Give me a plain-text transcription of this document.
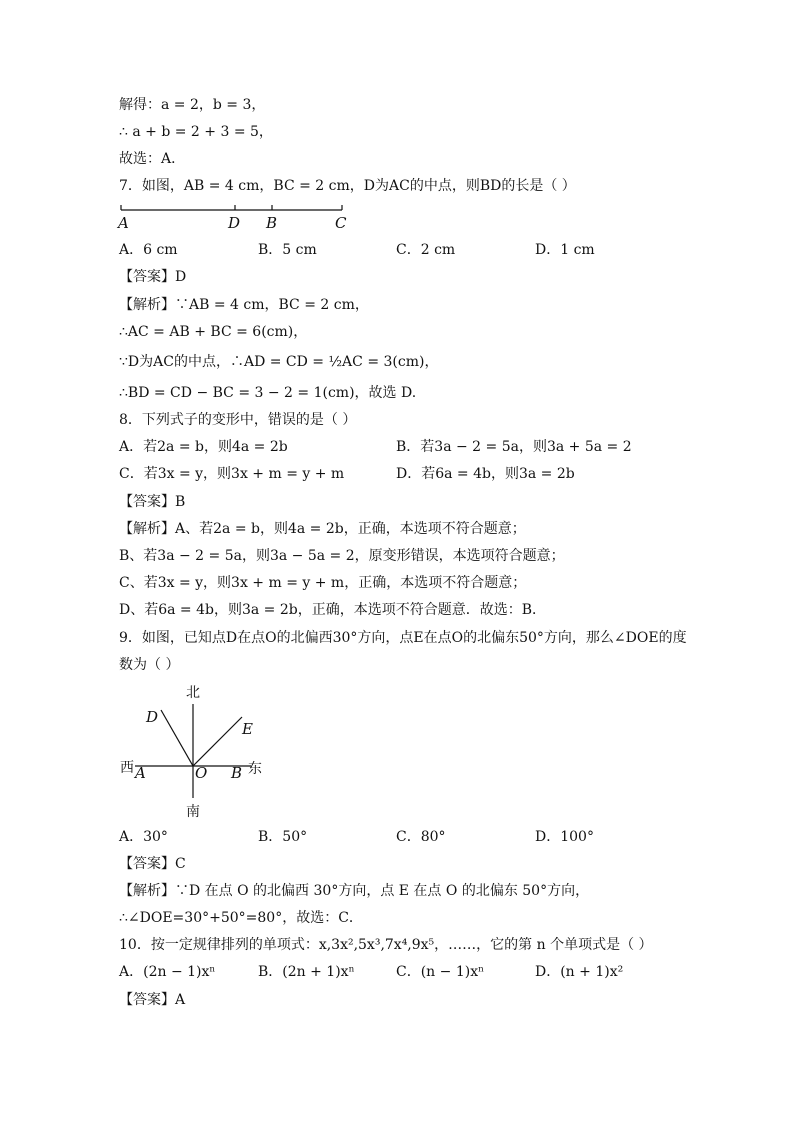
解得：a = 2，b = 3，
∴ a + b = 2 + 3 = 5，
故选：A．
7．如图，AB = 4 cm，BC = 2 cm，D为AC的中点，则BD的长是（ ）
A	D B	C
A．6 cm	B．5 cm	C．2 cm	D．1 cm
【答案】D
【解析】∵AB = 4 cm，BC = 2 cm，
∴AC = AB + BC = 6(cm)，
∵D为AC的中点，∴AD = CD = ½AC = 3(cm)，
∴BD = CD − BC = 3 − 2 = 1(cm)，故选 D.
8．下列式子的变形中，错误的是（ ）
A．若2a = b，则4a = 2b	B．若3a − 2 = 5a，则3a + 5a = 2
C．若3x = y，则3x + m = y + m	D．若6a = 4b，则3a = 2b
【答案】B
【解析】A、若2a = b，则4a = 2b，正确，本选项不符合题意；
B、若3a − 2 = 5a，则3a − 5a = 2，原变形错误，本选项符合题意；
C、若3x = y，则3x + m = y + m，正确，本选项不符合题意；
D、若6a = 4b，则3a = 2b，正确，本选项不符合题意．故选：B．
9．如图，已知点D在点O的北偏西30°方向，点E在点O的北偏东50°方向，那么∠DOE的度
数为（ ）
北
南
西	东
A	O B
D
E
A．30°	B．50°	C．80°	D．100°
【答案】C
【解析】∵D 在点 O 的北偏西 30°方向，点 E 在点 O 的北偏东 50°方向，
∴∠DOE=30°+50°=80°，故选：C．
10．按一定规律排列的单项式：x,3x²,5x³,7x⁴,9x⁵，……，它的第 n 个单项式是（ ）
A．(2n − 1)xⁿ	B．(2n + 1)xⁿ	C．(n − 1)xⁿ	D．(n + 1)x²
【答案】A
